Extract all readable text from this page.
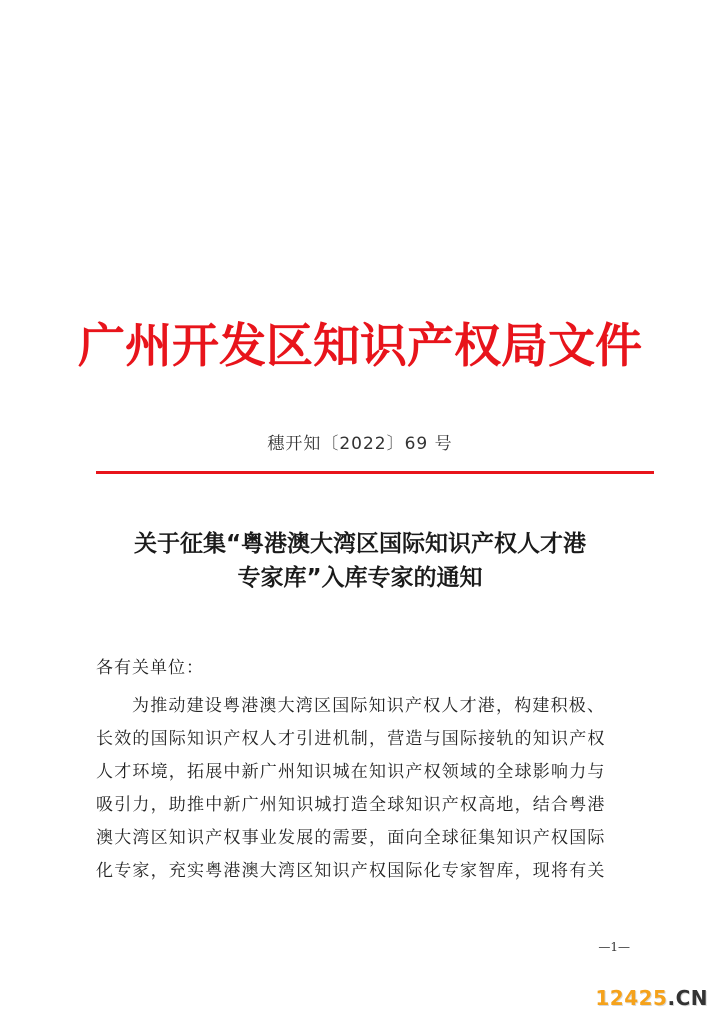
广州开发区知识产权局文件
穗开知〔2022〕69 号
关于征集“粤港澳大湾区国际知识产权人才港
专家库”入库专家的通知
各有关单位：
为推动建设粤港澳大湾区国际知识产权人才港，构建积极、
长效的国际知识产权人才引进机制，营造与国际接轨的知识产权
人才环境，拓展中新广州知识城在知识产权领域的全球影响力与
吸引力，助推中新广州知识城打造全球知识产权高地，结合粤港
澳大湾区知识产权事业发展的需要，面向全球征集知识产权国际
化专家，充实粤港澳大湾区知识产权国际化专家智库，现将有关
—1—
12425.CN
